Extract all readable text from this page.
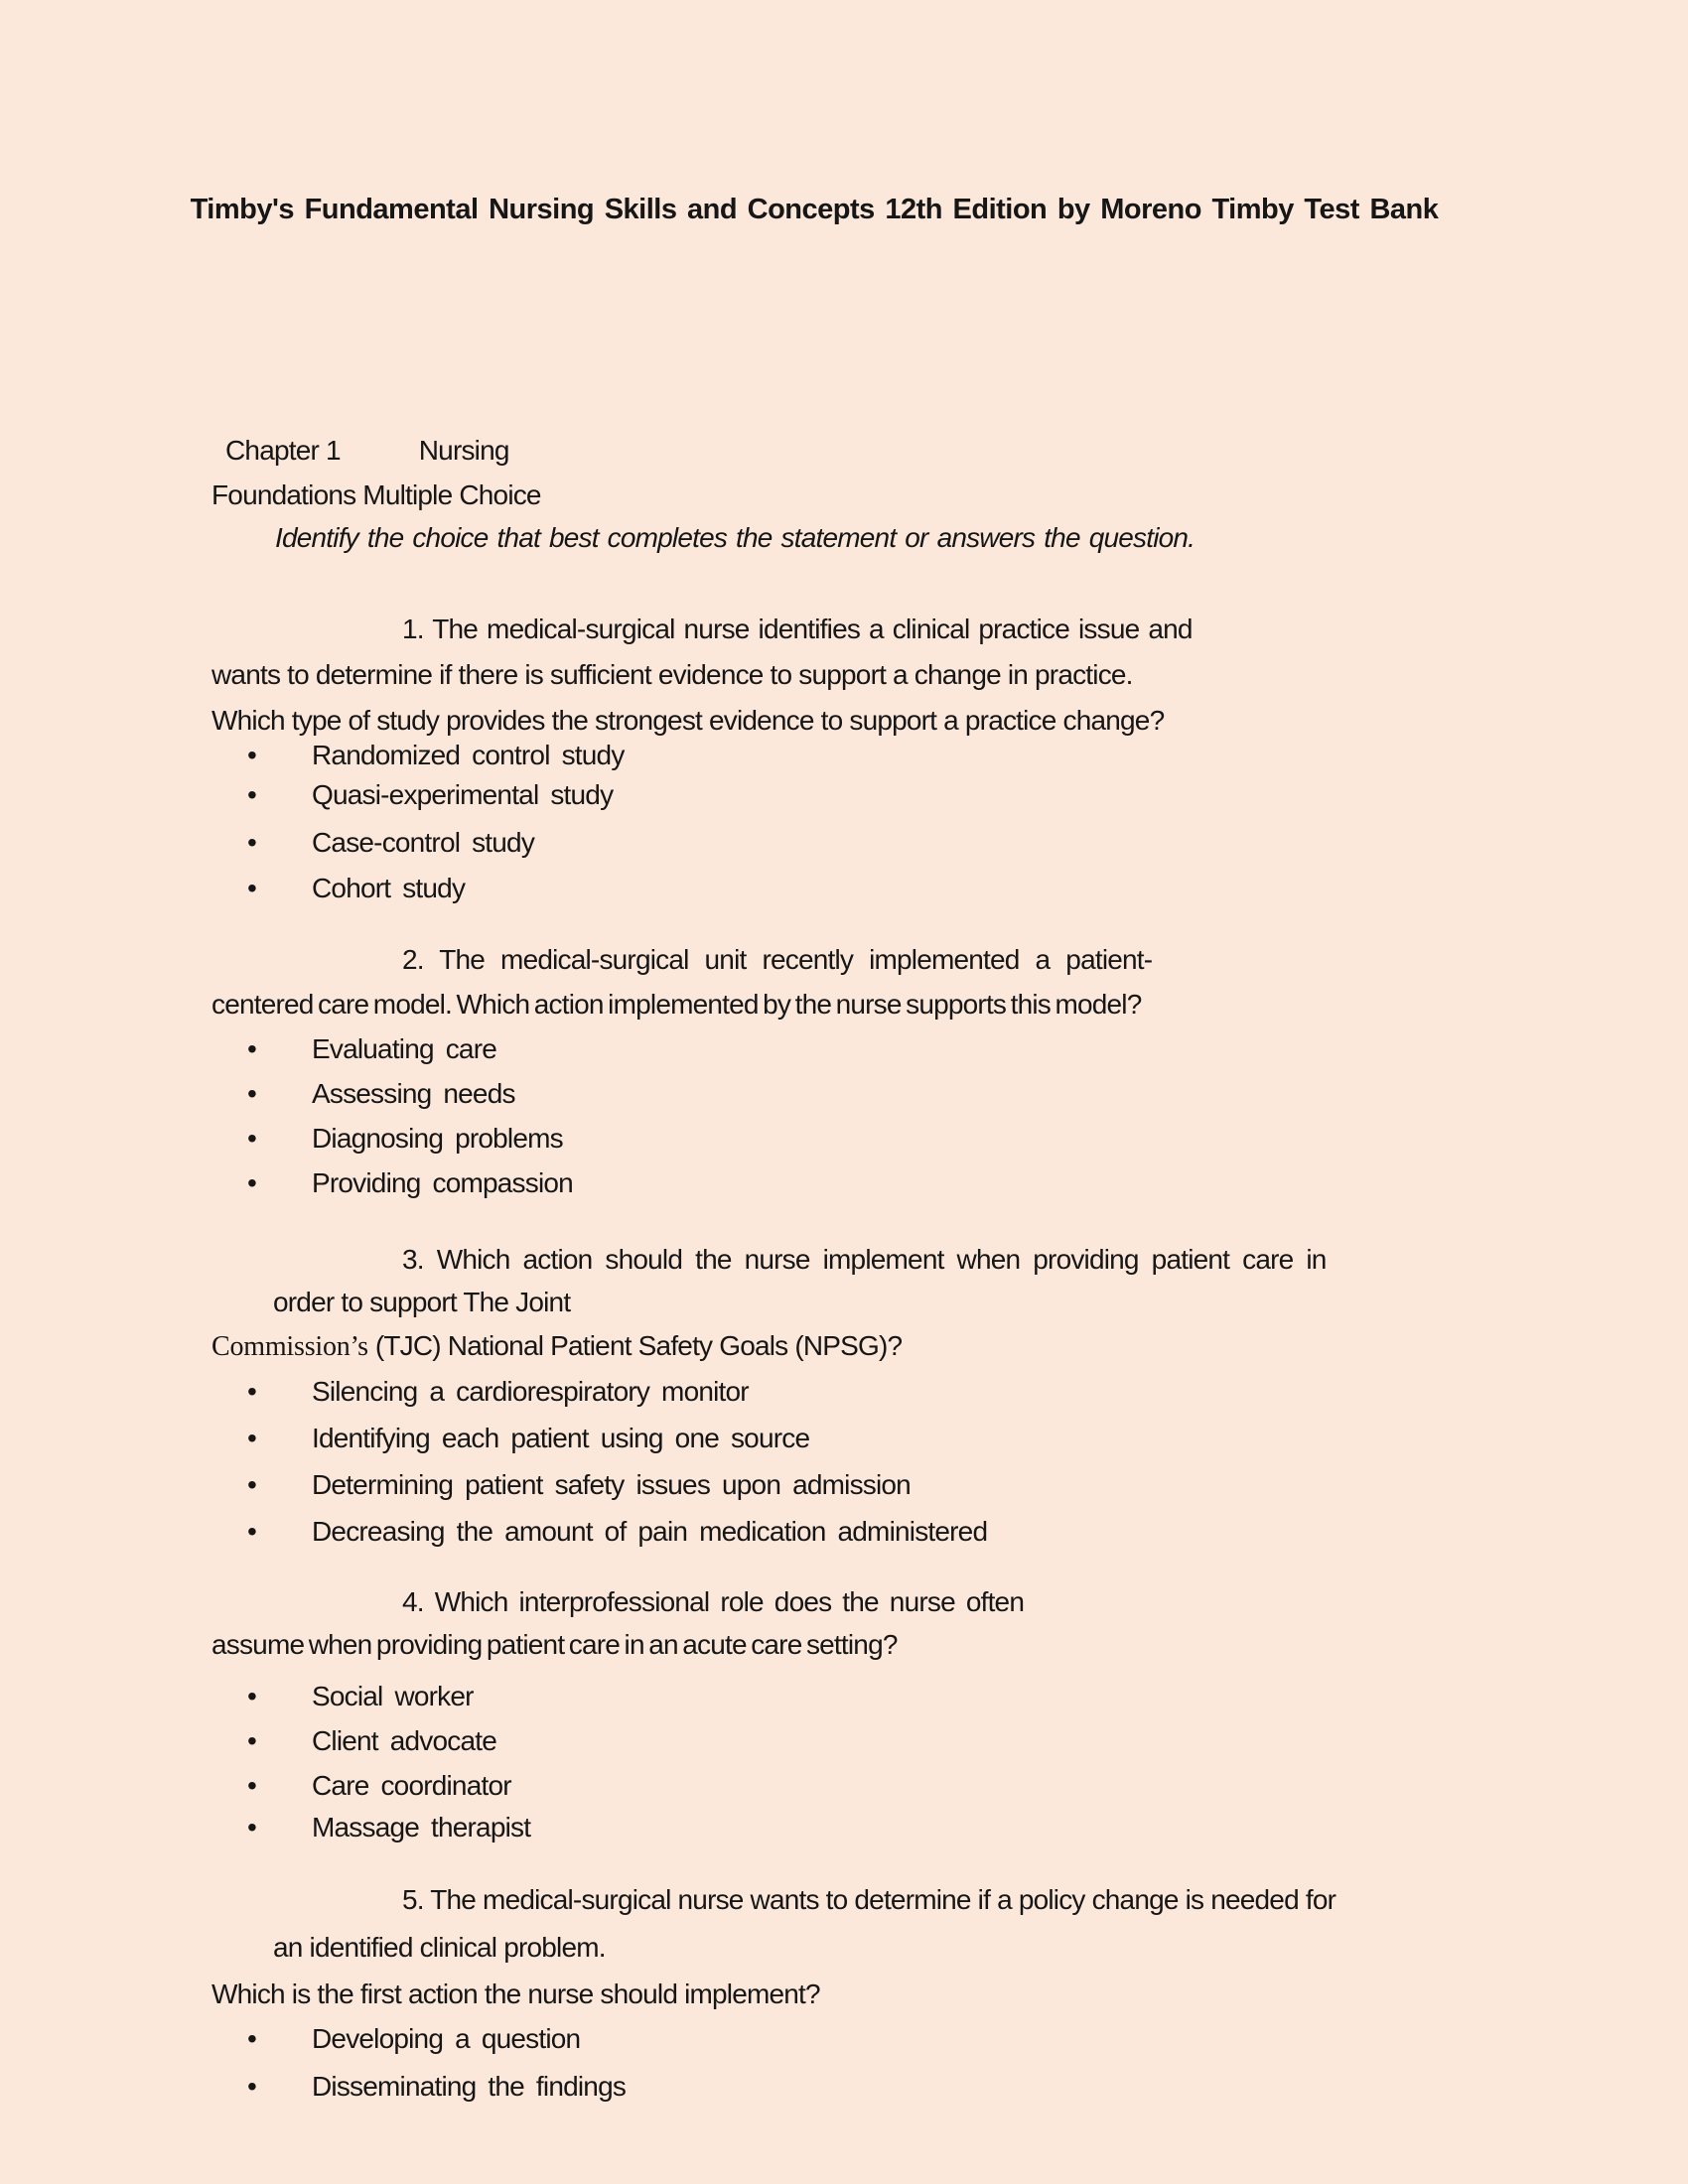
Timby's Fundamental Nursing Skills and Concepts 12th Edition by Moreno Timby Test Bank
Chapter 1	Nursing
Foundations Multiple Choice
Identify the choice that best completes the statement or answers the question.
1. The medical-surgical nurse identifies a clinical practice issue and
wants to determine if there is sufficient evidence to support a change in practice.
Which type of study provides the strongest evidence to support a practice change?
• Randomized control study
• Quasi-experimental study
• Case-control study
• Cohort study
2. The medical-surgical unit recently implemented a patient-
centered care model. Which action implemented by the nurse supports this model?
• Evaluating care
• Assessing needs
• Diagnosing problems
• Providing compassion
3. Which action should the nurse implement when providing patient care in
order to support The Joint
Commission’s (TJC) National Patient Safety Goals (NPSG)?
• Silencing a cardiorespiratory monitor
• Identifying each patient using one source
• Determining patient safety issues upon admission
• Decreasing the amount of pain medication administered
4. Which interprofessional role does the nurse often
assume when providing patient care in an acute care setting?
• Social worker
• Client advocate
• Care coordinator
• Massage therapist
5. The medical-surgical nurse wants to determine if a policy change is needed for
an identified clinical problem.
Which is the first action the nurse should implement?
• Developing a question
• Disseminating the findings
